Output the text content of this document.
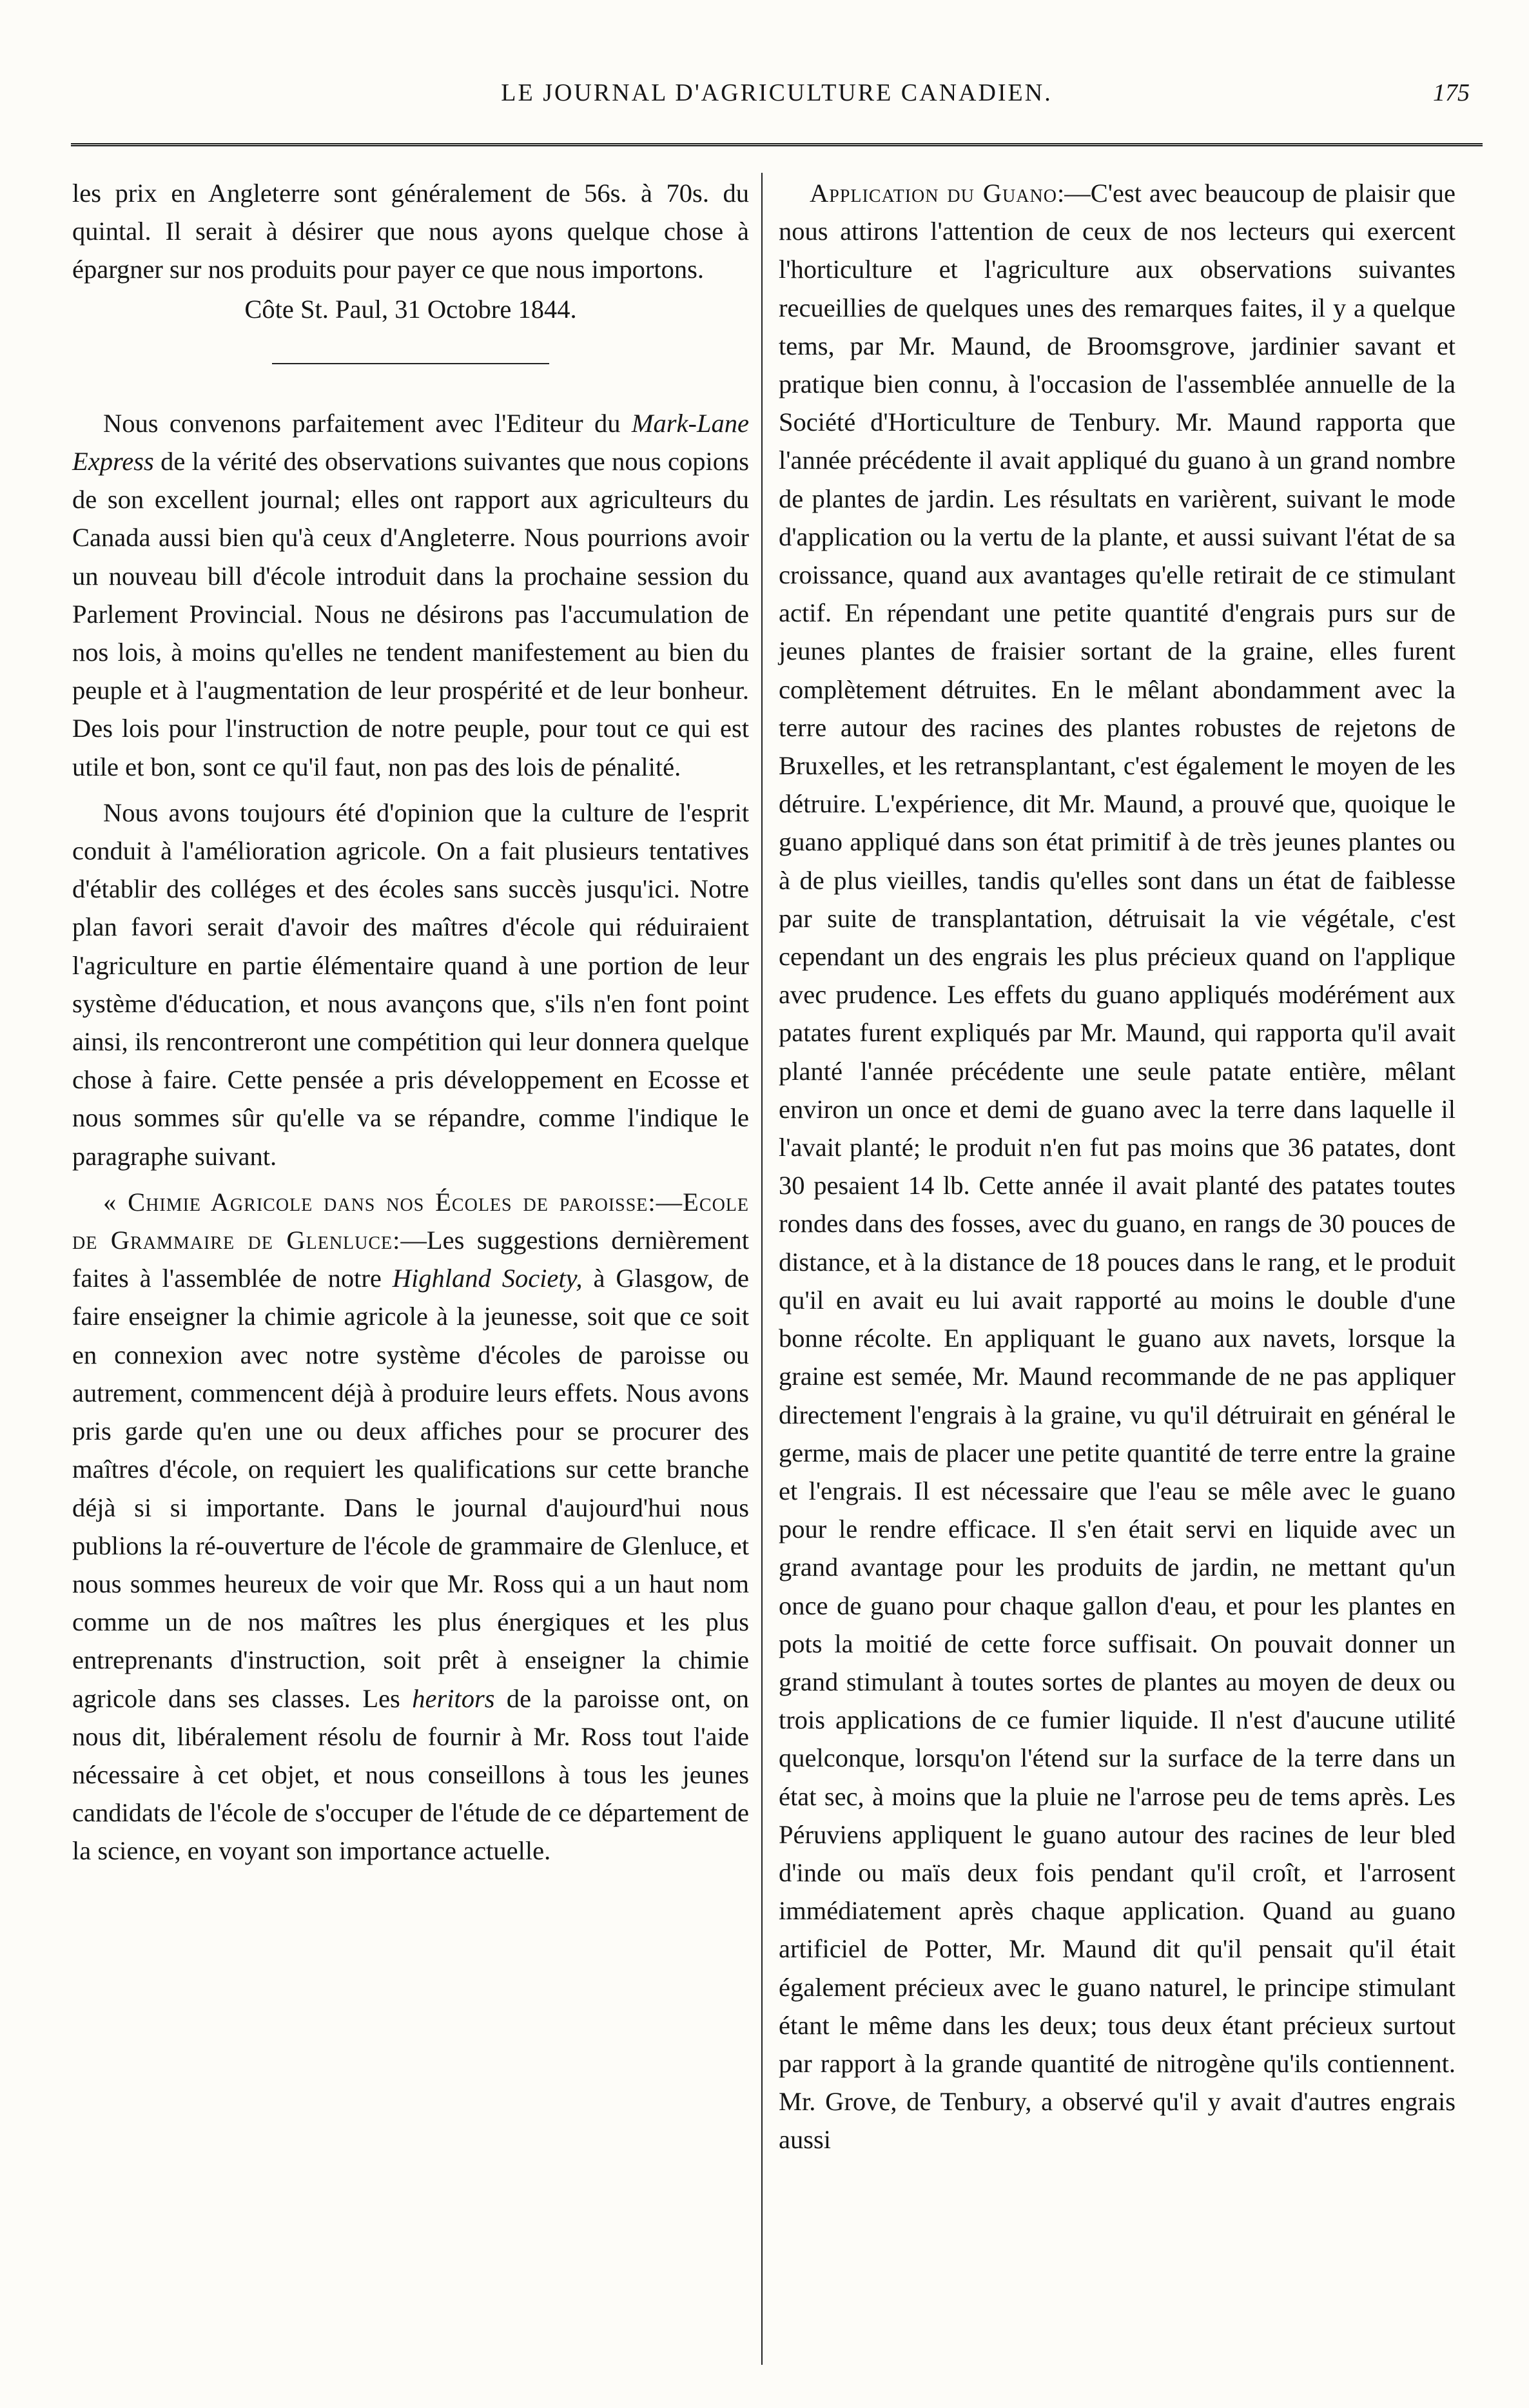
LE JOURNAL D'AGRICULTURE CANADIEN.	175

les prix en Angleterre sont généralement de 56s. à 70s. du quintal. Il serait à désirer que nous ayons quelque chose à épargner sur nos produits pour payer ce que nous importons.

Côte St. Paul, 31 Octobre 1844.

Nous convenons parfaitement avec l'Editeur du Mark-Lane Express de la vérité des observations suivantes que nous copions de son excellent journal; elles ont rapport aux agriculteurs du Canada aussi bien qu'à ceux d'Angleterre. Nous pourrions avoir un nouveau bill d'école introduit dans la prochaine session du Parlement Provincial. Nous ne désirons pas l'accumulation de nos lois, à moins qu'elles ne tendent manifestement au bien du peuple et à l'augmentation de leur prospérité et de leur bonheur. Des lois pour l'instruction de notre peuple, pour tout ce qui est utile et bon, sont ce qu'il faut, non pas des lois de pénalité.

Nous avons toujours été d'opinion que la culture de l'esprit conduit à l'amélioration agricole. On a fait plusieurs tentatives d'établir des colléges et des écoles sans succès jusqu'ici. Notre plan favori serait d'avoir des maîtres d'école qui réduiraient l'agriculture en partie élémentaire quand à une portion de leur système d'éducation, et nous avançons que, s'ils n'en font point ainsi, ils rencontreront une compétition qui leur donnera quelque chose à faire. Cette pensée a pris développement en Ecosse et nous sommes sûr qu'elle va se répandre, comme l'indique le paragraphe suivant.

« Chimie Agricole dans nos Écoles de paroisse:—Ecole de Grammaire de Glenluce:—Les suggestions dernièrement faites à l'assemblée de notre Highland Society, à Glasgow, de faire enseigner la chimie agricole à la jeunesse, soit que ce soit en connexion avec notre système d'écoles de paroisse ou autrement, commencent déjà à produire leurs effets. Nous avons pris garde qu'en une ou deux affiches pour se procurer des maîtres d'école, on requiert les qualifications sur cette branche déjà si si importante. Dans le journal d'aujourd'hui nous publions la ré-ouverture de l'école de grammaire de Glenluce, et nous sommes heureux de voir que Mr. Ross qui a un haut nom comme un de nos maîtres les plus énergiques et les plus entreprenants d'instruction, soit prêt à enseigner la chimie agricole dans ses classes. Les heritors de la paroisse ont, on nous dit, libéralement résolu de fournir à Mr. Ross tout l'aide nécessaire à cet objet, et nous conseillons à tous les jeunes candidats de l'école de s'occuper de l'étude de ce département de la science, en voyant son importance actuelle.

Application du Guano:—C'est avec beaucoup de plaisir que nous attirons l'attention de ceux de nos lecteurs qui exercent l'horticulture et l'agriculture aux observations suivantes recueillies de quelques unes des remarques faites, il y a quelque tems, par Mr. Maund, de Broomsgrove, jardinier savant et pratique bien connu, à l'occasion de l'assemblée annuelle de la Société d'Horticulture de Tenbury. Mr. Maund rapporta que l'année précédente il avait appliqué du guano à un grand nombre de plantes de jardin. Les résultats en varièrent, suivant le mode d'application ou la vertu de la plante, et aussi suivant l'état de sa croissance, quand aux avantages qu'elle retirait de ce stimulant actif. En répendant une petite quantité d'engrais purs sur de jeunes plantes de fraisier sortant de la graine, elles furent complètement détruites. En le mêlant abondamment avec la terre autour des racines des plantes robustes de rejetons de Bruxelles, et les retransplantant, c'est également le moyen de les détruire. L'expérience, dit Mr. Maund, a prouvé que, quoique le guano appliqué dans son état primitif à de très jeunes plantes ou à de plus vieilles, tandis qu'elles sont dans un état de faiblesse par suite de transplantation, détruisait la vie végétale, c'est cependant un des engrais les plus précieux quand on l'applique avec prudence. Les effets du guano appliqués modérément aux patates furent expliqués par Mr. Maund, qui rapporta qu'il avait planté l'année précédente une seule patate entière, mêlant environ un once et demi de guano avec la terre dans laquelle il l'avait planté; le produit n'en fut pas moins que 36 patates, dont 30 pesaient 14 lb. Cette année il avait planté des patates toutes rondes dans des fosses, avec du guano, en rangs de 30 pouces de distance, et à la distance de 18 pouces dans le rang, et le produit qu'il en avait eu lui avait rapporté au moins le double d'une bonne récolte. En appliquant le guano aux navets, lorsque la graine est semée, Mr. Maund recommande de ne pas appliquer directement l'engrais à la graine, vu qu'il détruirait en général le germe, mais de placer une petite quantité de terre entre la graine et l'engrais. Il est nécessaire que l'eau se mêle avec le guano pour le rendre efficace. Il s'en était servi en liquide avec un grand avantage pour les produits de jardin, ne mettant qu'un once de guano pour chaque gallon d'eau, et pour les plantes en pots la moitié de cette force suffisait. On pouvait donner un grand stimulant à toutes sortes de plantes au moyen de deux ou trois applications de ce fumier liquide. Il n'est d'aucune utilité quelconque, lorsqu'on l'étend sur la surface de la terre dans un état sec, à moins que la pluie ne l'arrose peu de tems après. Les Péruviens appliquent le guano autour des racines de leur bled d'inde ou maïs deux fois pendant qu'il croît, et l'arrosent immédiatement après chaque application. Quand au guano artificiel de Potter, Mr. Maund dit qu'il pensait qu'il était également précieux avec le guano naturel, le principe stimulant étant le même dans les deux; tous deux étant précieux surtout par rapport à la grande quantité de nitrogène qu'ils contiennent. Mr. Grove, de Tenbury, a observé qu'il y avait d'autres engrais aussi
